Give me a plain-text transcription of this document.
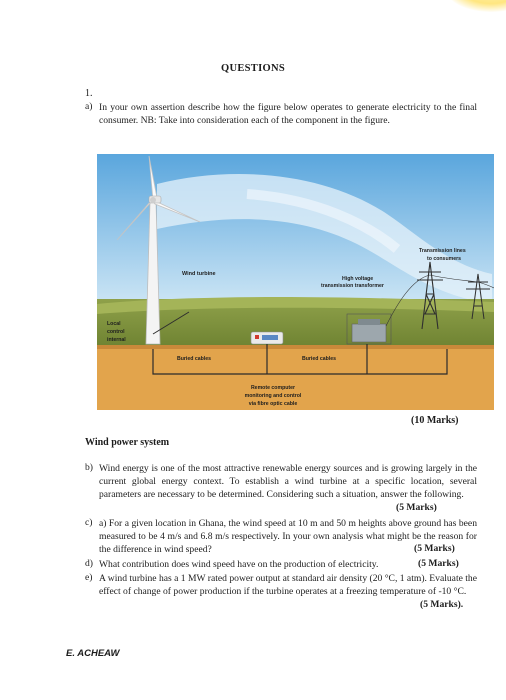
QUESTIONS
1.
a) In your own assertion describe how the figure below operates to generate electricity to the final consumer. NB: Take into consideration each of the component in the figure.
Wind turbine
High voltage
transmission transformer
Transmission lines
to consumers
Local
control
internal
Buried cables	Buried cables
Remote computer
monitoring and control
via fibre optic cable
(10 Marks)
Wind power system
b) Wind energy is one of the most attractive renewable energy sources and is growing largely in the current global energy context. To establish a wind turbine at a specific location, several parameters are necessary to be determined. Considering such a situation, answer the following.
(5 Marks)
c) a) For a given location in Ghana, the wind speed at 10 m and 50 m heights above ground has been measured to be 4 m/s and 6.8 m/s respectively. In your own analysis what might be the reason for the difference in wind speed?	(5 Marks)
d) What contribution does wind speed have on the production of electricity.	(5 Marks)
e) A wind turbine has a 1 MW rated power output at standard air density (20 °C, 1 atm). Evaluate the effect of change of power production if the turbine operates at a freezing temperature of -10 °C.
(5 Marks).
E. ACHEAW
